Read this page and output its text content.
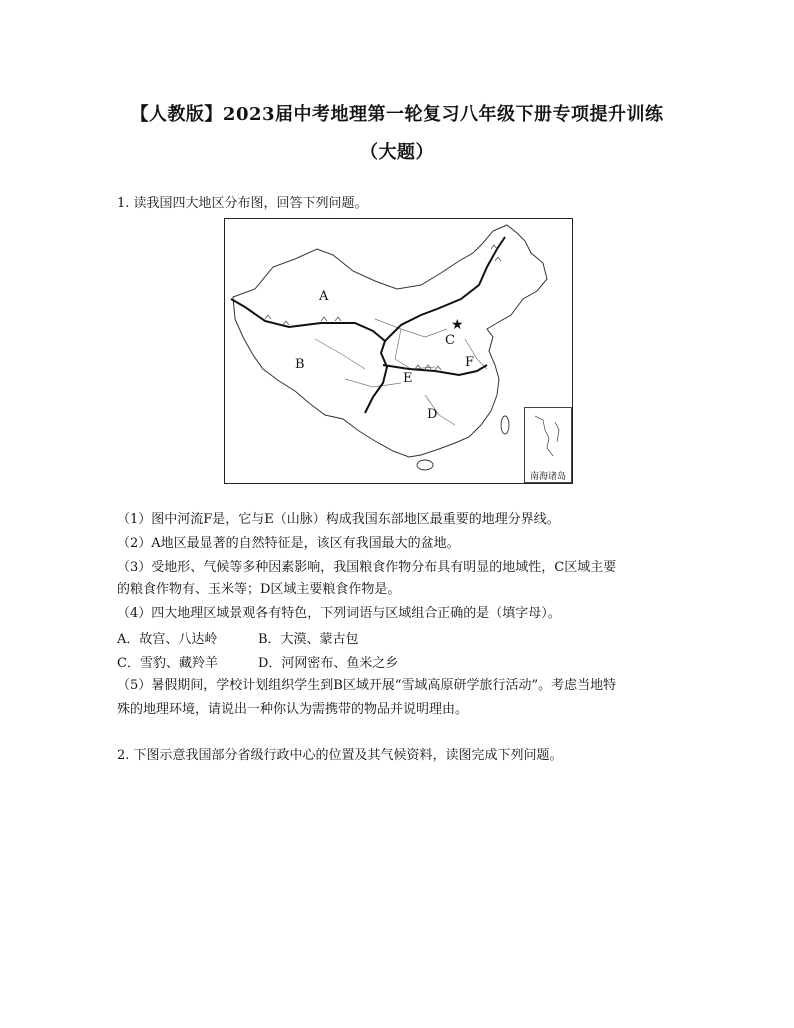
【人教版】2023届中考地理第一轮复习八年级下册专项提升训练
（大题）
1. 读我国四大地区分布图，回答下列问题。
A
B
C
D
E
F
★
南海诸岛
（1）图中河流F是，它与E（山脉）构成我国东部地区最重要的地理分界线。
（2）A地区最显著的自然特征是，该区有我国最大的盆地。
（3）受地形、气候等多种因素影响，我国粮食作物分布具有明显的地域性，C区域主要
的粮食作物有、玉米等；D区域主要粮食作物是。
（4）四大地理区域景观各有特色，下列词语与区域组合正确的是（填字母）。
A．故宫、八达岭	B．大漠、蒙古包
C．雪豹、藏羚羊	D．河网密布、鱼米之乡
（5）暑假期间，学校计划组织学生到B区域开展“雪域高原研学旅行活动”。考虑当地特
殊的地理环境，请说出一种你认为需携带的物品并说明理由。
2. 下图示意我国部分省级行政中心的位置及其气候资料，读图完成下列问题。
